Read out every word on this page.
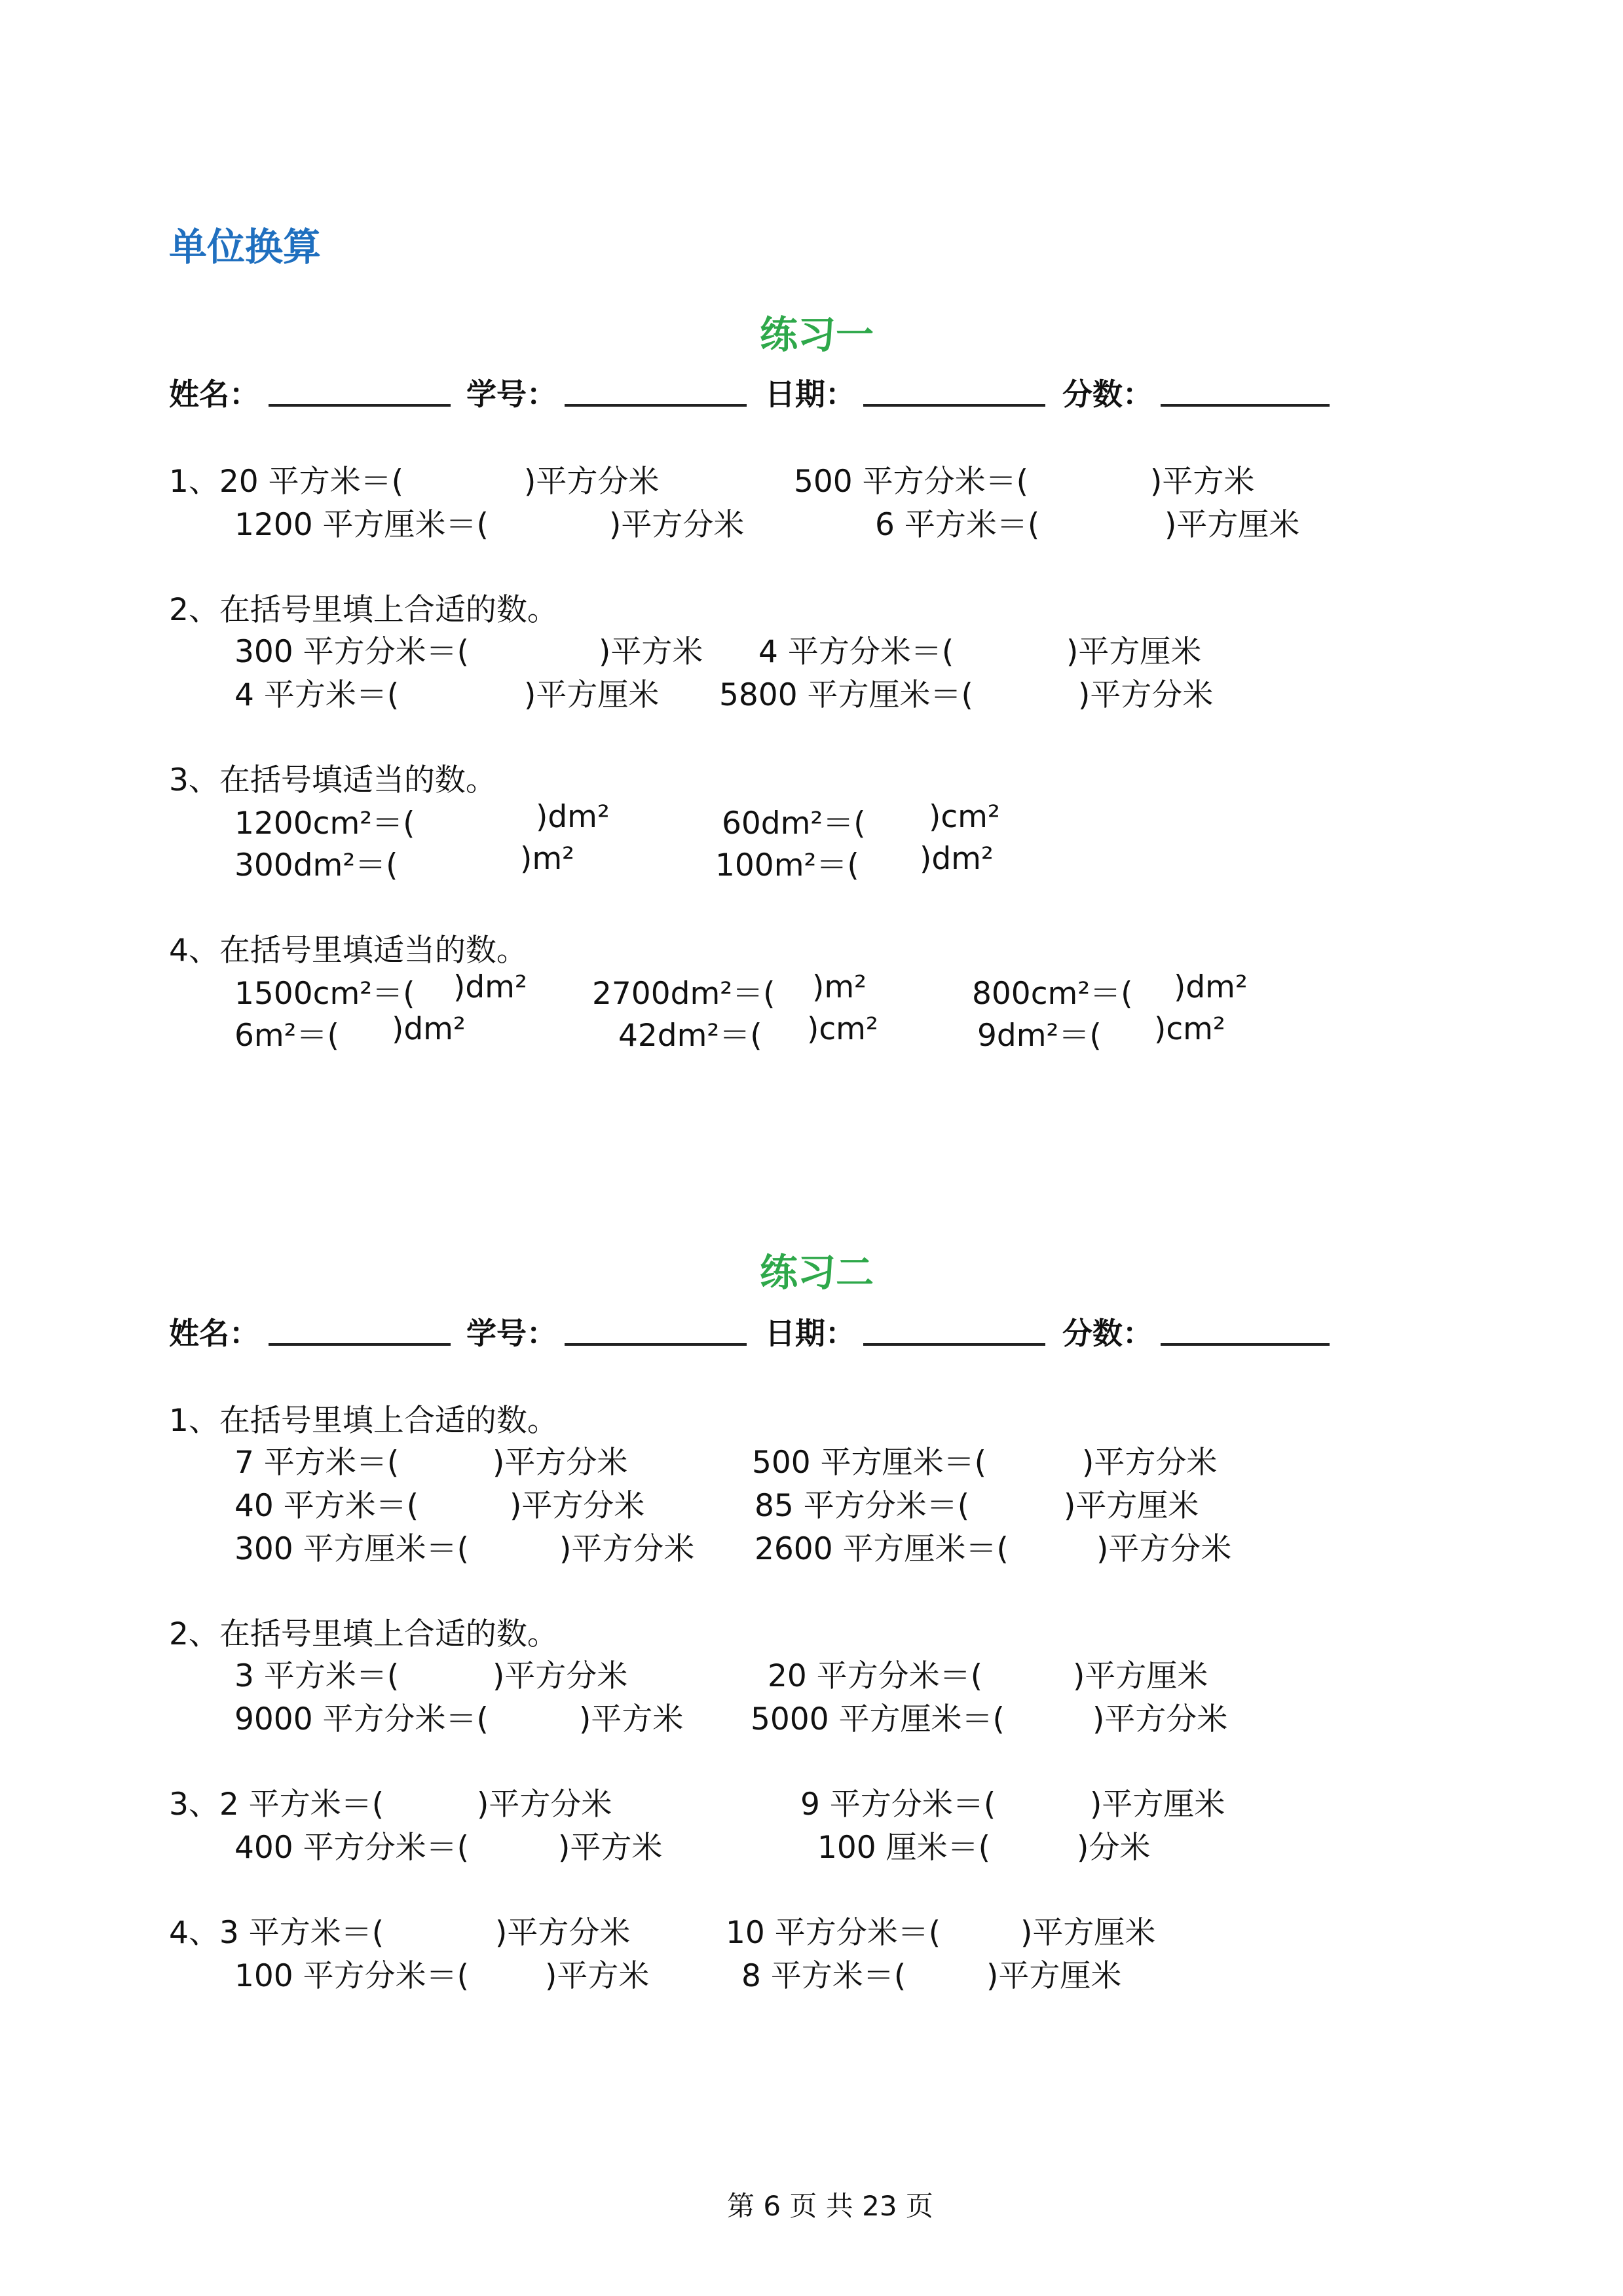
单位换算
练习一
姓名：	学号：	日期：	分数：
1、20 平方米＝(	)平方分米	500 平方分米＝(	)平方米
1200 平方厘米＝(	)平方分米	6 平方米＝(	)平方厘米
2、在括号里填上合适的数。
300 平方分米＝(	)平方米 4 平方分米＝(	)平方厘米
4 平方米＝(	)平方厘米 5800 平方厘米＝(	)平方分米
3、在括号填适当的数。
1200cm²＝(	)dm²	60dm²＝( )cm²
300dm²＝(	)m²	100m²＝( )dm²
4、在括号里填适当的数。
1500cm²＝( )dm² 2700dm²＝( )m²	800cm²＝( )dm²
6m²＝( )dm²	42dm²＝( )cm²	9dm²＝( )cm²
练习二
姓名：	学号：	日期：	分数：
1、在括号里填上合适的数。
7 平方米＝(	)平方分米	500 平方厘米＝(	)平方分米
40 平方米＝(	)平方分米	85 平方分米＝(	)平方厘米
300 平方厘米＝(	)平方分米 2600 平方厘米＝(	)平方分米
2、在括号里填上合适的数。
3 平方米＝(	)平方分米	20 平方分米＝(	)平方厘米
9000 平方分米＝(	)平方米 5000 平方厘米＝(	)平方分米
3、2 平方米＝(	)平方分米	9 平方分米＝(	)平方厘米
400 平方分米＝(	)平方米	100 厘米＝(	)分米
4、3 平方米＝(	)平方分米	10 平方分米＝(	)平方厘米
100 平方分米＝( )平方米	8 平方米＝(	)平方厘米
第 6 页 共 23 页
